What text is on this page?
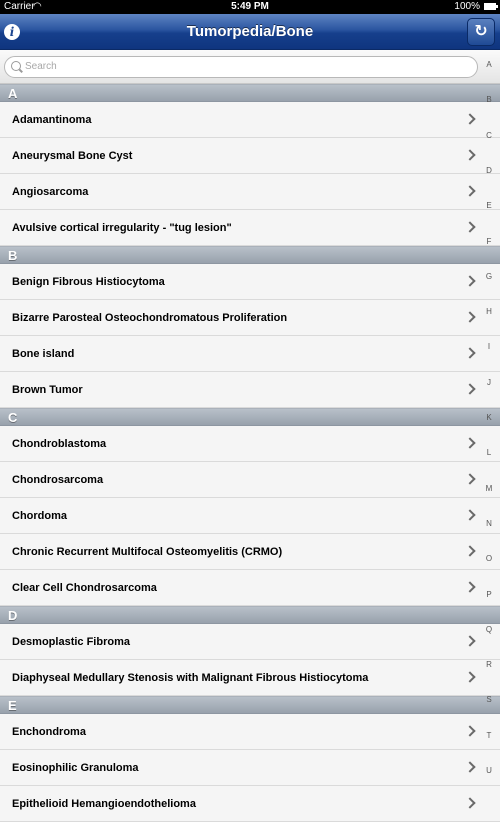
Carrier
◠	5:49 PM	100%
Tumorpedia/Bone
i	↻
Search
A
Adamantinoma
Aneurysmal Bone Cyst
Angiosarcoma
Avulsive cortical irregularity - "tug lesion"
B
Benign Fibrous Histiocytoma
Bizarre Parosteal Osteochondromatous Proliferation
Bone island
Brown Tumor
C
Chondroblastoma
Chondrosarcoma
Chordoma
Chronic Recurrent Multifocal Osteomyelitis (CRMO)
Clear Cell Chondrosarcoma
D
Desmoplastic Fibroma
Diaphyseal Medullary Stenosis with Malignant Fibrous Histiocytoma
E
Enchondroma
Eosinophilic Granuloma
Epithelioid Hemangioendothelioma
A
B
C
D
E
F
G
H
I
J
K
L
M
N
O
P
Q
R
S
T
U
